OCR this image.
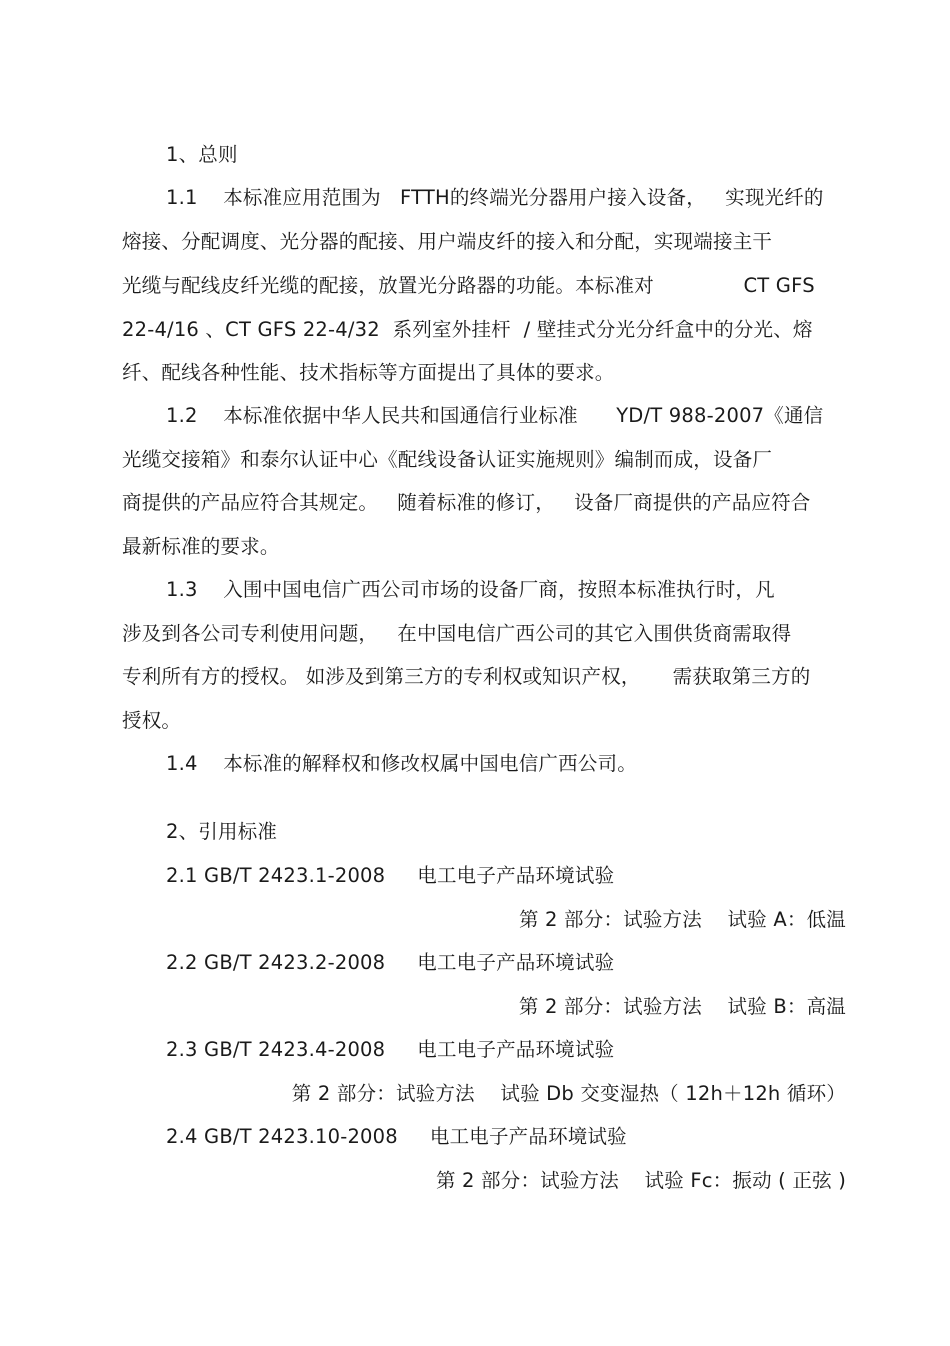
1、总则
1.1    本标准应用范围为   FTTH的终端光分器用户接入设备，   实现光纤的
熔接、分配调度、光分器的配接、用户端皮纤的接入和分配，实现端接主干
光缆与配线皮纤光缆的配接，放置光分路器的功能。本标准对              CT GFS
22-4/16 、CT GFS 22-4/32  系列室外挂杆  / 壁挂式分光分纤盒中的分光、熔
纤、配线各种性能、技术指标等方面提出了具体的要求。
1.2    本标准依据中华人民共和国通信行业标准      YD/T 988-2007《通信
光缆交接箱》和泰尔认证中心《配线设备认证实施规则》编制而成，设备厂
商提供的产品应符合其规定。   随着标准的修订，   设备厂商提供的产品应符合
最新标准的要求。
1.3    入围中国电信广西公司市场的设备厂商，按照本标准执行时，凡
涉及到各公司专利使用问题，   在中国电信广西公司的其它入围供货商需取得
专利所有方的授权。 如涉及到第三方的专利权或知识产权，     需获取第三方的
授权。
1.4    本标准的解释权和修改权属中国电信广西公司。
2、引用标准
2.1 GB/T 2423.1-2008     电工电子产品环境试验
第 2 部分：试验方法    试验 A：低温
2.2 GB/T 2423.2-2008     电工电子产品环境试验
第 2 部分：试验方法    试验 B：高温
2.3 GB/T 2423.4-2008     电工电子产品环境试验
第 2 部分：试验方法    试验 Db 交变湿热（ 12h＋12h 循环）
2.4 GB/T 2423.10-2008     电工电子产品环境试验
第 2 部分：试验方法    试验 Fc：振动 ( 正弦 )
